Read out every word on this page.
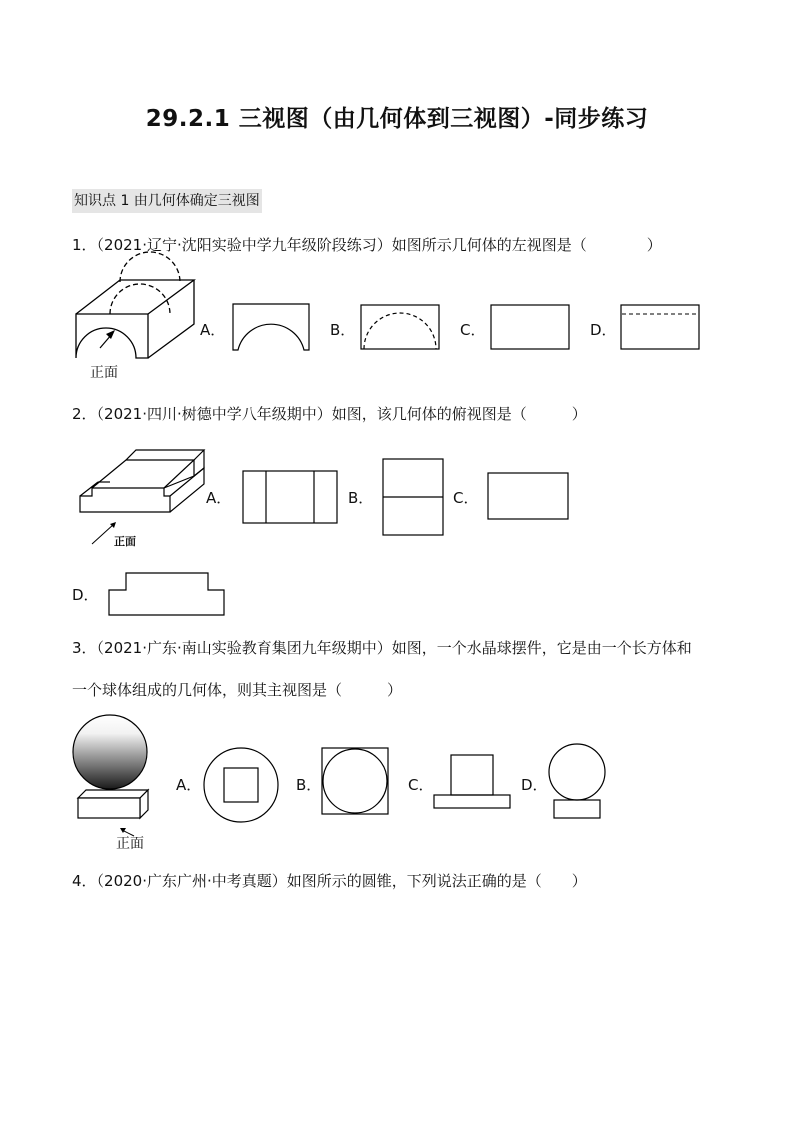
29.2.1 三视图（由几何体到三视图）-同步练习
知识点 1 由几何体确定三视图
1．（2021·辽宁·沈阳实验中学九年级阶段练习）如图所示几何体的左视图是（　　　　）
正面
A．	B．	C．	D．
2．（2021·四川·树德中学八年级期中）如图，该几何体的俯视图是（　　　）
正面
A．	B．	C．
D．
3．（2021·广东·南山实验教育集团九年级期中）如图，一个水晶球摆件，它是由一个长方体和
一个球体组成的几何体，则其主视图是（　　　）
正面
A．	B．	C．	D．
4．（2020·广东广州·中考真题）如图所示的圆锥，下列说法正确的是（　　）
